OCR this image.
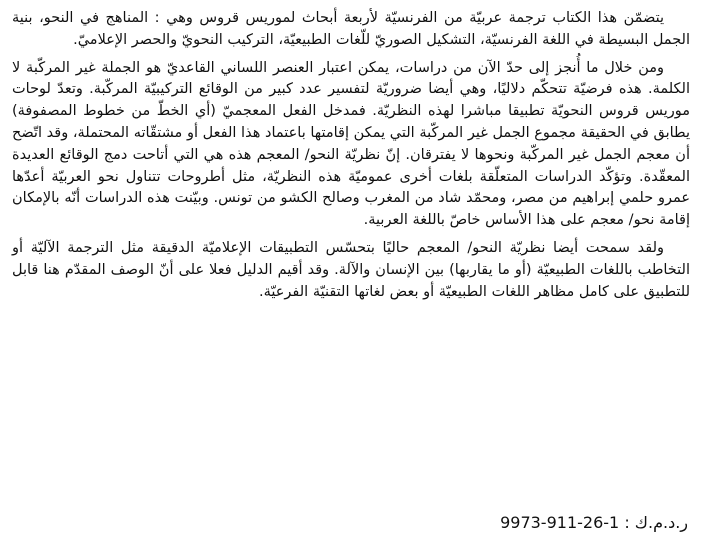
يتضمّن هذا الكتاب ترجمة عربيّة من الفرنسيّة لأربعة أبحاث لموريس قروس وهي : المناهج في النحو، بنية الجمل البسيطة في اللغة الفرنسيّة، التشكيل الصوريّ للّغات الطبيعيّة، التركيب النحويّ والحصر الإعلاميّ.

ومن خلال ما أُنجز إلى حدّ الآن من دراسات، يمكن اعتبار العنصر اللساني القاعديّ هو الجملة غير المركّبة لا الكلمة. هذه فرضيّة تتحكّم دلاليًا، وهي أيضا ضروريّة لتفسير عدد كبير من الوقائع التركيبيّة المركّبة. وتعدّ لوحات موريس قروس النحويّة تطبيقا مباشرا لهذه النظريّة. فمدخل الفعل المعجميّ (أي الخطّ من خطوط المصفوفة) يطابق في الحقيقة مجموع الجمل غير المركّبة التي يمكن إقامتها باعتماد هذا الفعل أو مشتقّاته المحتملة، وقد اتّضح أن معجم الجمل غير المركّبة ونحوها لا يفترقان. إنّ نظريّة النحو/ المعجم هذه هي التي أتاحت دمج الوقائع العديدة المعقّدة. وتؤكّد الدراسات المتعلّقة بلغات أخرى عموميّة هذه النظريّة، مثل أطروحات تتناول نحو العربيّة أعدّها عمرو حلمي إبراهيم من مصر، ومحمّد شاد من المغرب وصالح الكشو من تونس. وبيّنت هذه الدراسات أنّه بالإمكان إقامة نحو/ معجم على هذا الأساس خاصّ باللغة العربية.

ولقد سمحت أيضا نظريّة النحو/ المعجم حاليًا بتحسّس التطبيقات الإعلاميّة الدقيقة مثل الترجمة الآليّة أو التخاطب باللغات الطبيعيّة (أو ما يقاربها) بين الإنسان والآلة. وقد أقيم الدليل فعلا على أنّ الوصف المقدّم هنا قابل للتطبيق على كامل مظاهر اللغات الطبيعيّة أو بعض لغاتها التقنيّة الفرعيّة.

ر.د.م.ك : 1-26-911-9973
